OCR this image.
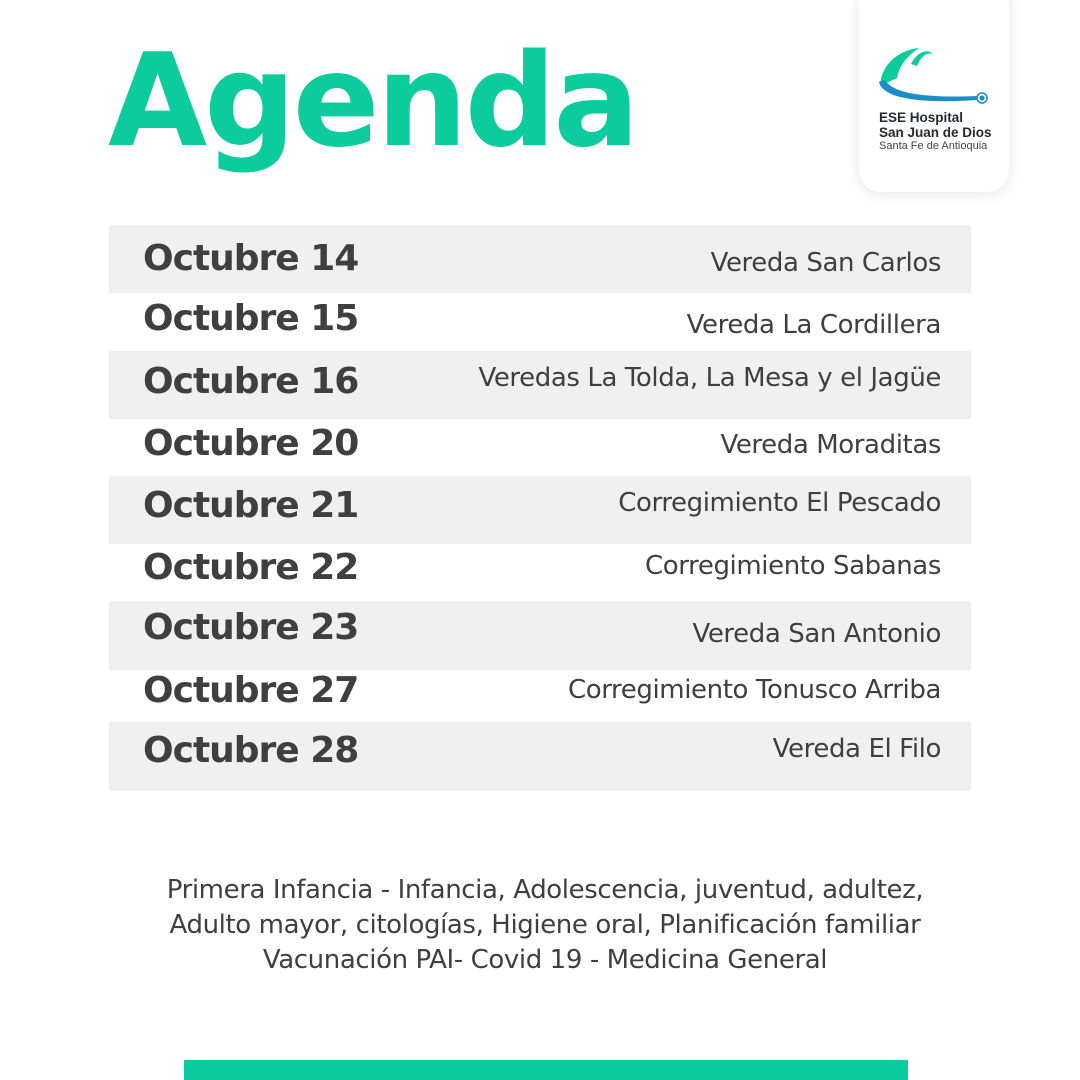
Agenda	ESE Hospital
San Juan de Dios
Santa Fe de Antioquia
Octubre 14	Vereda San Carlos
Octubre 15	Vereda La Cordillera
Octubre 16	Veredas La Tolda, La Mesa y el Jagüe
Octubre 20	Vereda Moraditas
Octubre 21	Corregimiento El Pescado
Octubre 22	Corregimiento Sabanas
Octubre 23	Vereda San Antonio
Octubre 27	Corregimiento Tonusco Arriba
Octubre 28	Vereda El Filo
Primera Infancia - Infancia, Adolescencia, juventud, adultez,
Adulto mayor, citologías, Higiene oral, Planificación familiar
Vacunación PAI- Covid 19 - Medicina General
